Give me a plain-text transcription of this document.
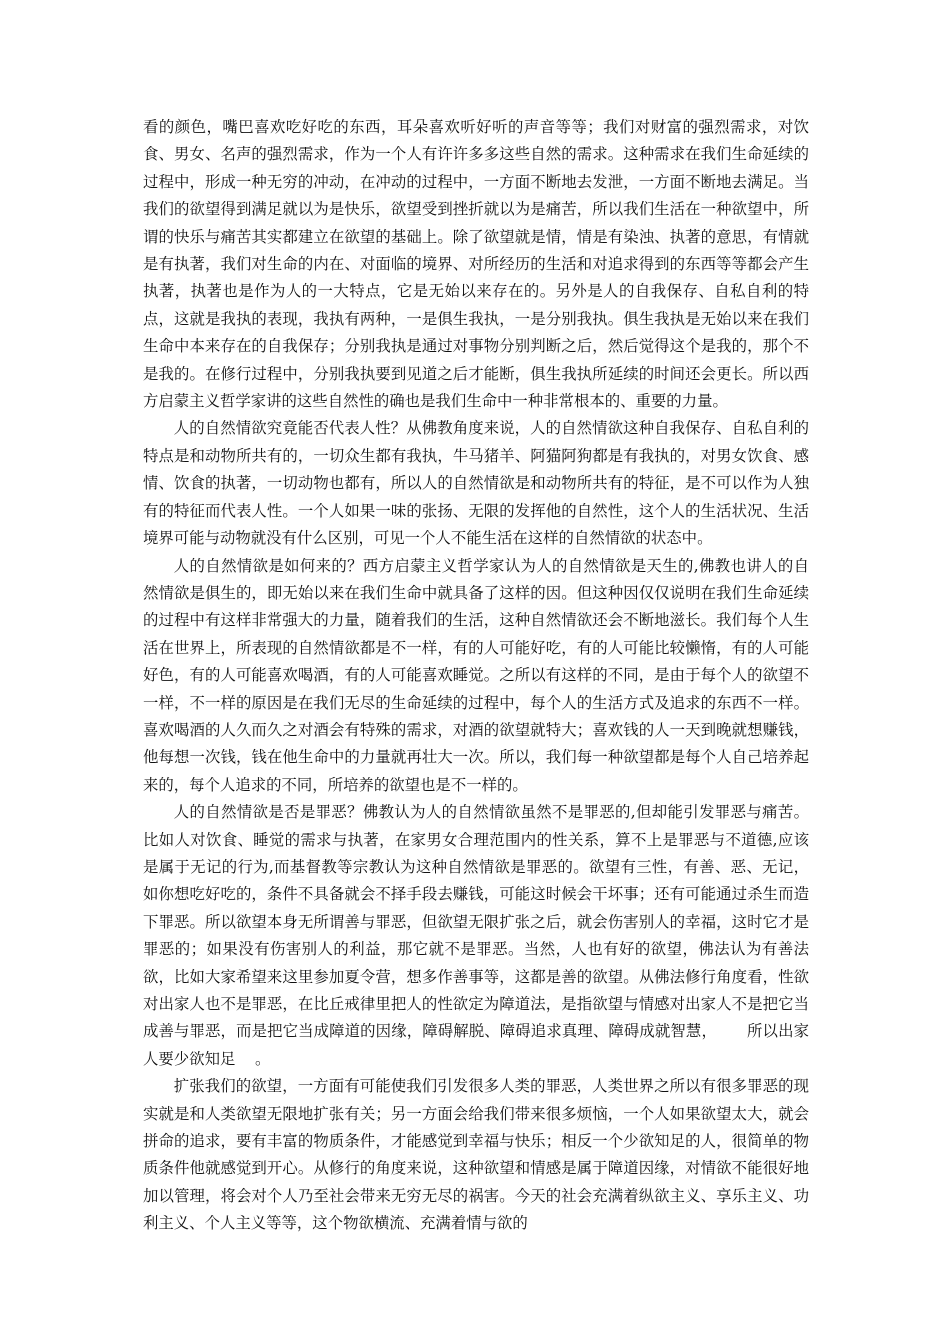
看的颜色，嘴巴喜欢吃好吃的东西，耳朵喜欢听好听的声音等等；我们对财富的强烈需求，对饮食、男女、名声的强烈需求，作为一个人有许许多多这些自然的需求。这种需求在我们生命延续的过程中，形成一种无穷的冲动，在冲动的过程中，一方面不断地去发泄，一方面不断地去满足。当我们的欲望得到满足就以为是快乐，欲望受到挫折就以为是痛苦，所以我们生活在一种欲望中，所谓的快乐与痛苦其实都建立在欲望的基础上。除了欲望就是情，情是有染浊、执著的意思，有情就是有执著，我们对生命的内在、对面临的境界、对所经历的生活和对追求得到的东西等等都会产生执著，执著也是作为人的一大特点，它是无始以来存在的。另外是人的自我保存、自私自利的特点，这就是我执的表现，我执有两种，一是俱生我执，一是分别我执。俱生我执是无始以来在我们生命中本来存在的自我保存；分别我执是通过对事物分别判断之后，然后觉得这个是我的，那个不是我的。在修行过程中，分别我执要到见道之后才能断，俱生我执所延续的时间还会更长。所以西方启蒙主义哲学家讲的这些自然性的确也是我们生命中一种非常根本的、重要的力量。

人的自然情欲究竟能否代表人性？从佛教角度来说，人的自然情欲这种自我保存、自私自利的特点是和动物所共有的，一切众生都有我执，牛马猪羊、阿猫阿狗都是有我执的，对男女饮食、感情、饮食的执著，一切动物也都有，所以人的自然情欲是和动物所共有的特征，是不可以作为人独有的特征而代表人性。一个人如果一味的张扬、无限的发挥他的自然性，这个人的生活状况、生活境界可能与动物就没有什么区别，可见一个人不能生活在这样的自然情欲的状态中。

人的自然情欲是如何来的？西方启蒙主义哲学家认为人的自然情欲是天生的,佛教也讲人的自然情欲是俱生的，即无始以来在我们生命中就具备了这样的因。但这种因仅仅说明在我们生命延续的过程中有这样非常强大的力量，随着我们的生活，这种自然情欲还会不断地滋长。我们每个人生活在世界上，所表现的自然情欲都是不一样，有的人可能好吃，有的人可能比较懒惰，有的人可能好色，有的人可能喜欢喝酒，有的人可能喜欢睡觉。之所以有这样的不同，是由于每个人的欲望不一样，不一样的原因是在我们无尽的生命延续的过程中，每个人的生活方式及追求的东西不一样。喜欢喝酒的人久而久之对酒会有特殊的需求，对酒的欲望就特大；喜欢钱的人一天到晚就想赚钱，他每想一次钱，钱在他生命中的力量就再壮大一次。所以，我们每一种欲望都是每个人自己培养起来的，每个人追求的不同，所培养的欲望也是不一样的。

人的自然情欲是否是罪恶？佛教认为人的自然情欲虽然不是罪恶的,但却能引发罪恶与痛苦。比如人对饮食、睡觉的需求与执著，在家男女合理范围内的性关系，算不上是罪恶与不道德,应该是属于无记的行为,而基督教等宗教认为这种自然情欲是罪恶的。欲望有三性，有善、恶、无记，如你想吃好吃的，条件不具备就会不择手段去赚钱，可能这时候会干坏事；还有可能通过杀生而造下罪恶。所以欲望本身无所谓善与罪恶，但欲望无限扩张之后，就会伤害别人的幸福，这时它才是罪恶的；如果没有伤害别人的利益，那它就不是罪恶。当然，人也有好的欲望，佛法认为有善法欲，比如大家希望来这里参加夏令营，想多作善事等，这都是善的欲望。从佛法修行角度看，性欲对出家人也不是罪恶，在比丘戒律里把人的性欲定为障道法，是指欲望与情感对出家人不是把它当成善与罪恶，而是把它当成障道的因缘，障碍解脱、障碍追求真理、障碍成就智慧， 所以出家人要少欲知足 。

扩张我们的欲望，一方面有可能使我们引发很多人类的罪恶，人类世界之所以有很多罪恶的现实就是和人类欲望无限地扩张有关；另一方面会给我们带来很多烦恼，一个人如果欲望太大，就会拼命的追求，要有丰富的物质条件，才能感觉到幸福与快乐；相反一个少欲知足的人，很简单的物质条件他就感觉到开心。从修行的角度来说，这种欲望和情感是属于障道因缘，对情欲不能很好地加以管理，将会对个人乃至社会带来无穷无尽的祸害。今天的社会充满着纵欲主义、享乐主义、功利主义、个人主义等等，这个物欲横流、充满着情与欲的
